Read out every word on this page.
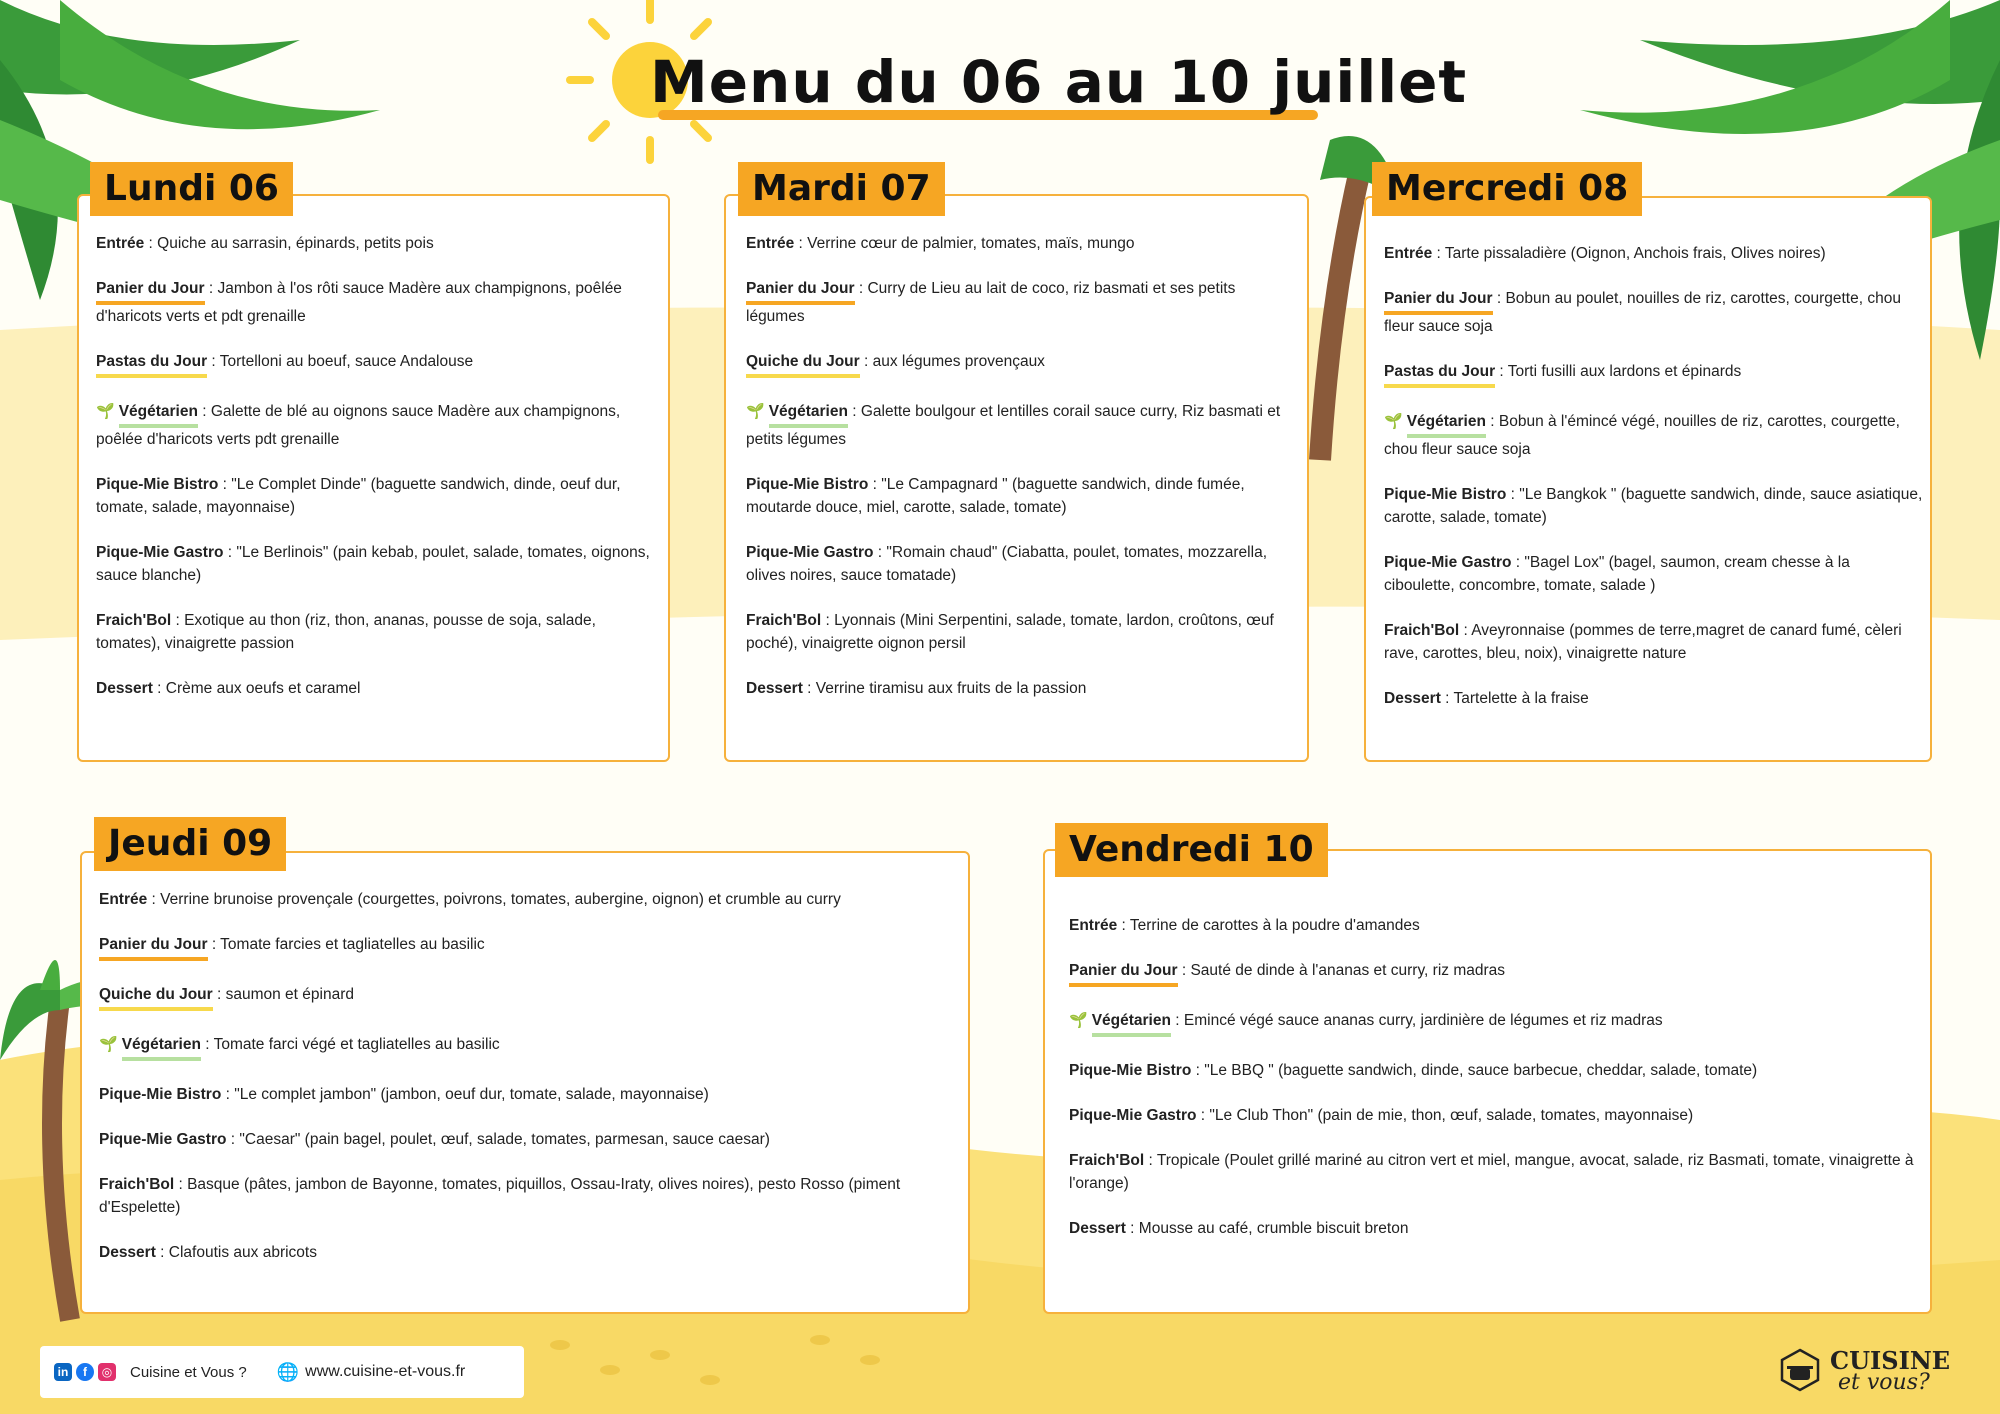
Menu du 06 au 10 juillet
Lundi 06
Entrée : Quiche au sarrasin, épinards, petits pois
Panier du Jour : Jambon à l'os rôti sauce Madère aux champignons, poêlée d'haricots verts et pdt grenaille
Pastas du Jour : Tortelloni au boeuf, sauce Andalouse
🌱 Végétarien : Galette de blé au oignons sauce Madère aux champignons, poêlée d'haricots verts pdt grenaille
Pique-Mie Bistro : "Le Complet Dinde" (baguette sandwich, dinde, oeuf dur, tomate, salade, mayonnaise)
Pique-Mie Gastro : "Le Berlinois" (pain kebab, poulet, salade, tomates, oignons, sauce blanche)
Fraich'Bol : Exotique au thon (riz, thon, ananas, pousse de soja, salade, tomates), vinaigrette passion
Dessert : Crème aux oeufs et caramel
Mardi 07
Entrée : Verrine cœur de palmier, tomates, maïs, mungo
Panier du Jour : Curry de Lieu au lait de coco, riz basmati et ses petits légumes
Quiche du Jour : aux légumes provençaux
🌱 Végétarien : Galette boulgour et lentilles corail sauce curry, Riz basmati et petits légumes
Pique-Mie Bistro : "Le Campagnard " (baguette sandwich, dinde fumée, moutarde douce, miel, carotte, salade, tomate)
Pique-Mie Gastro : "Romain chaud" (Ciabatta, poulet, tomates, mozzarella, olives noires, sauce tomatade)
Fraich'Bol : Lyonnais (Mini Serpentini, salade, tomate, lardon, croûtons, œuf poché), vinaigrette oignon persil
Dessert : Verrine tiramisu aux fruits de la passion
Mercredi 08
Entrée : Tarte pissaladière (Oignon, Anchois frais, Olives noires)
Panier du Jour : Bobun au poulet, nouilles de riz, carottes, courgette, chou fleur sauce soja
Pastas du Jour : Torti fusilli aux lardons et épinards
🌱 Végétarien : Bobun à l'émincé végé, nouilles de riz, carottes, courgette, chou fleur sauce soja
Pique-Mie Bistro : "Le Bangkok " (baguette sandwich, dinde, sauce asiatique, carotte, salade, tomate)
Pique-Mie Gastro : "Bagel Lox" (bagel, saumon, cream chesse à la ciboulette, concombre, tomate, salade )
Fraich'Bol : Aveyronnaise (pommes de terre,magret de canard fumé, cèleri rave, carottes, bleu, noix), vinaigrette nature
Dessert : Tartelette à la fraise
Jeudi 09
Entrée : Verrine brunoise provençale (courgettes, poivrons, tomates, aubergine, oignon) et crumble au curry
Panier du Jour : Tomate farcies et tagliatelles au basilic
Quiche du Jour : saumon et épinard
🌱 Végétarien : Tomate farci végé et tagliatelles au basilic
Pique-Mie Bistro : "Le complet jambon" (jambon, oeuf dur, tomate, salade, mayonnaise)
Pique-Mie Gastro : "Caesar" (pain bagel, poulet, œuf, salade, tomates, parmesan, sauce caesar)
Fraich'Bol : Basque (pâtes, jambon de Bayonne, tomates, piquillos, Ossau-Iraty, olives noires), pesto Rosso (piment d'Espelette)
Dessert : Clafoutis aux abricots
Vendredi 10
Entrée : Terrine de carottes à la poudre d'amandes
Panier du Jour : Sauté de dinde à l'ananas et curry, riz madras
🌱 Végétarien : Emincé végé sauce ananas curry, jardinière de légumes et riz madras
Pique-Mie Bistro : "Le BBQ " (baguette sandwich, dinde, sauce barbecue, cheddar, salade, tomate)
Pique-Mie Gastro : "Le Club Thon" (pain de mie, thon, œuf, salade, tomates, mayonnaise)
Fraich'Bol : Tropicale (Poulet grillé mariné au citron vert et miel, mangue, avocat, salade, riz Basmati, tomate, vinaigrette à l'orange)
Dessert : Mousse au café, crumble biscuit breton
in	f	◎ Cuisine et Vous ? 🌐 www.cuisine-et-vous.fr	CUISINE
et vous?
